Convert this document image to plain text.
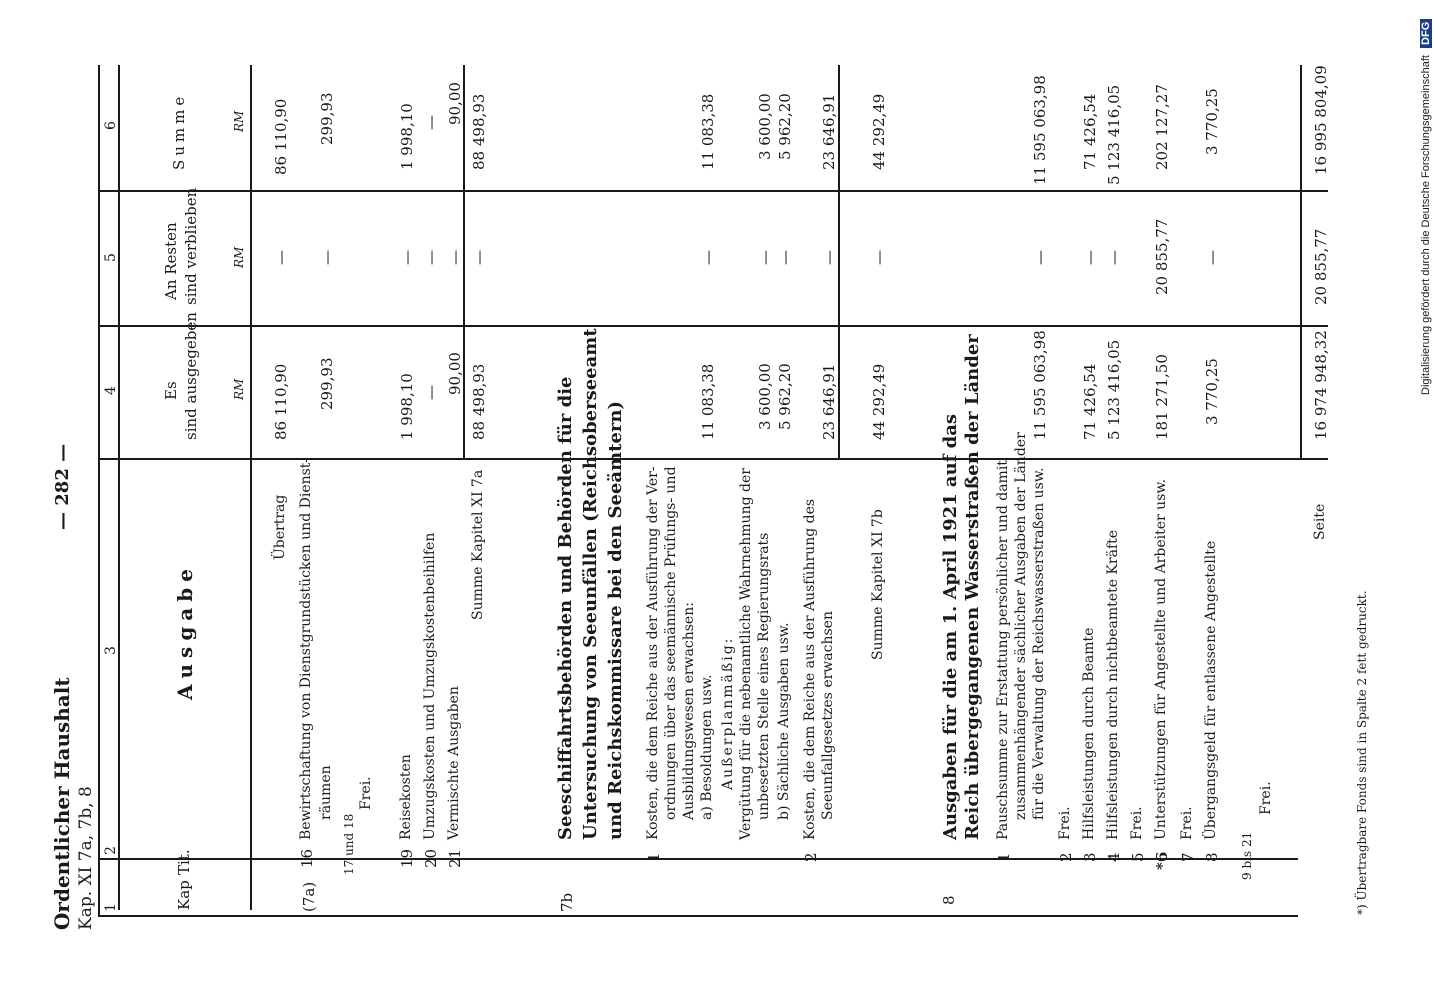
Ordentlicher Haushalt Kap. XI 7a, 7b, 8
— 282 —
Digitalisierung gefördert durch die Deutsche Forschungsgemeinschaft DFG
1
2
3
4
5
6
Kap
Tit.
Ausgabe
Es sind ausgegeben
An Resten sind verblieben
Summe
RM
RM
RM
(7a)
Übertrag
86 110,90
86 110,90
—
16
Bewirtschaftung von Dienstgrundstücken und Dienst- räumen
299,93
—
299,93
17 und 18
Frei.
19
Reisekosten
1 998,10
—
1 998,10
20
Umzugskosten und Umzugskostenbeihilfen
—
—
—
21
Vermischte Ausgaben
90,00
—
90,00
Summe Kapitel XI 7a
88 498,93
—
88 498,93
7b
Seeschiffahrtsbehörden und Behörden für die Untersuchung von Seeunfällen (Reichsoberseeamt und Reichskommissare bei den Seeämtern)
1
Kosten, die dem Reiche aus der Ausführung der Ver- ordnungen über das seemännische Prüfungs- und Ausbildungswesen erwachsen: a) Besoldungen usw.
11 083,38
—
11 083,38
Außerplanmäßig: Vergütung für die nebenamtliche Wahrnehmung der unbesetzten Stelle eines Regierungsrats
3 600,00
—
3 600,00
b) Sächliche Ausgaben usw.
5 962,20
—
5 962,20
2
Kosten, die dem Reiche aus der Ausführung des Seeunfallgesetzes erwachsen
23 646,91
—
23 646,91
Summe Kapitel XI 7b
44 292,49
—
44 292,49
8
Ausgaben für die am 1. April 1921 auf das Reich übergegangenen Wasserstraßen der Länder
1
Pauschsumme zur Erstattung persönlicher und damit zusammenhängender sächlicher Ausgaben der Länder für die Verwaltung der Reichswasserstraßen usw.
11 595 063,98
—
11 595 063,98
2
Frei.
3
Hilfsleistungen durch Beamte
71 426,54
—
71 426,54
4
Hilfsleistungen durch nichtbeamtete Kräfte
5 123 416,05
—
5 123 416,05
5
Frei.
*6
Unterstützungen für Angestellte und Arbeiter usw.
181 271,50
20 855,77
202 127,27
7
Frei.
8
Übergangsgeld für entlassene Angestellte
3 770,25
—
3 770,25
9 bis 21
Frei.
Seite
16 974 948,32
20 855,77
16 995 804,09
*) Übertragbare Fonds sind in Spalte 2 fett gedruckt.
